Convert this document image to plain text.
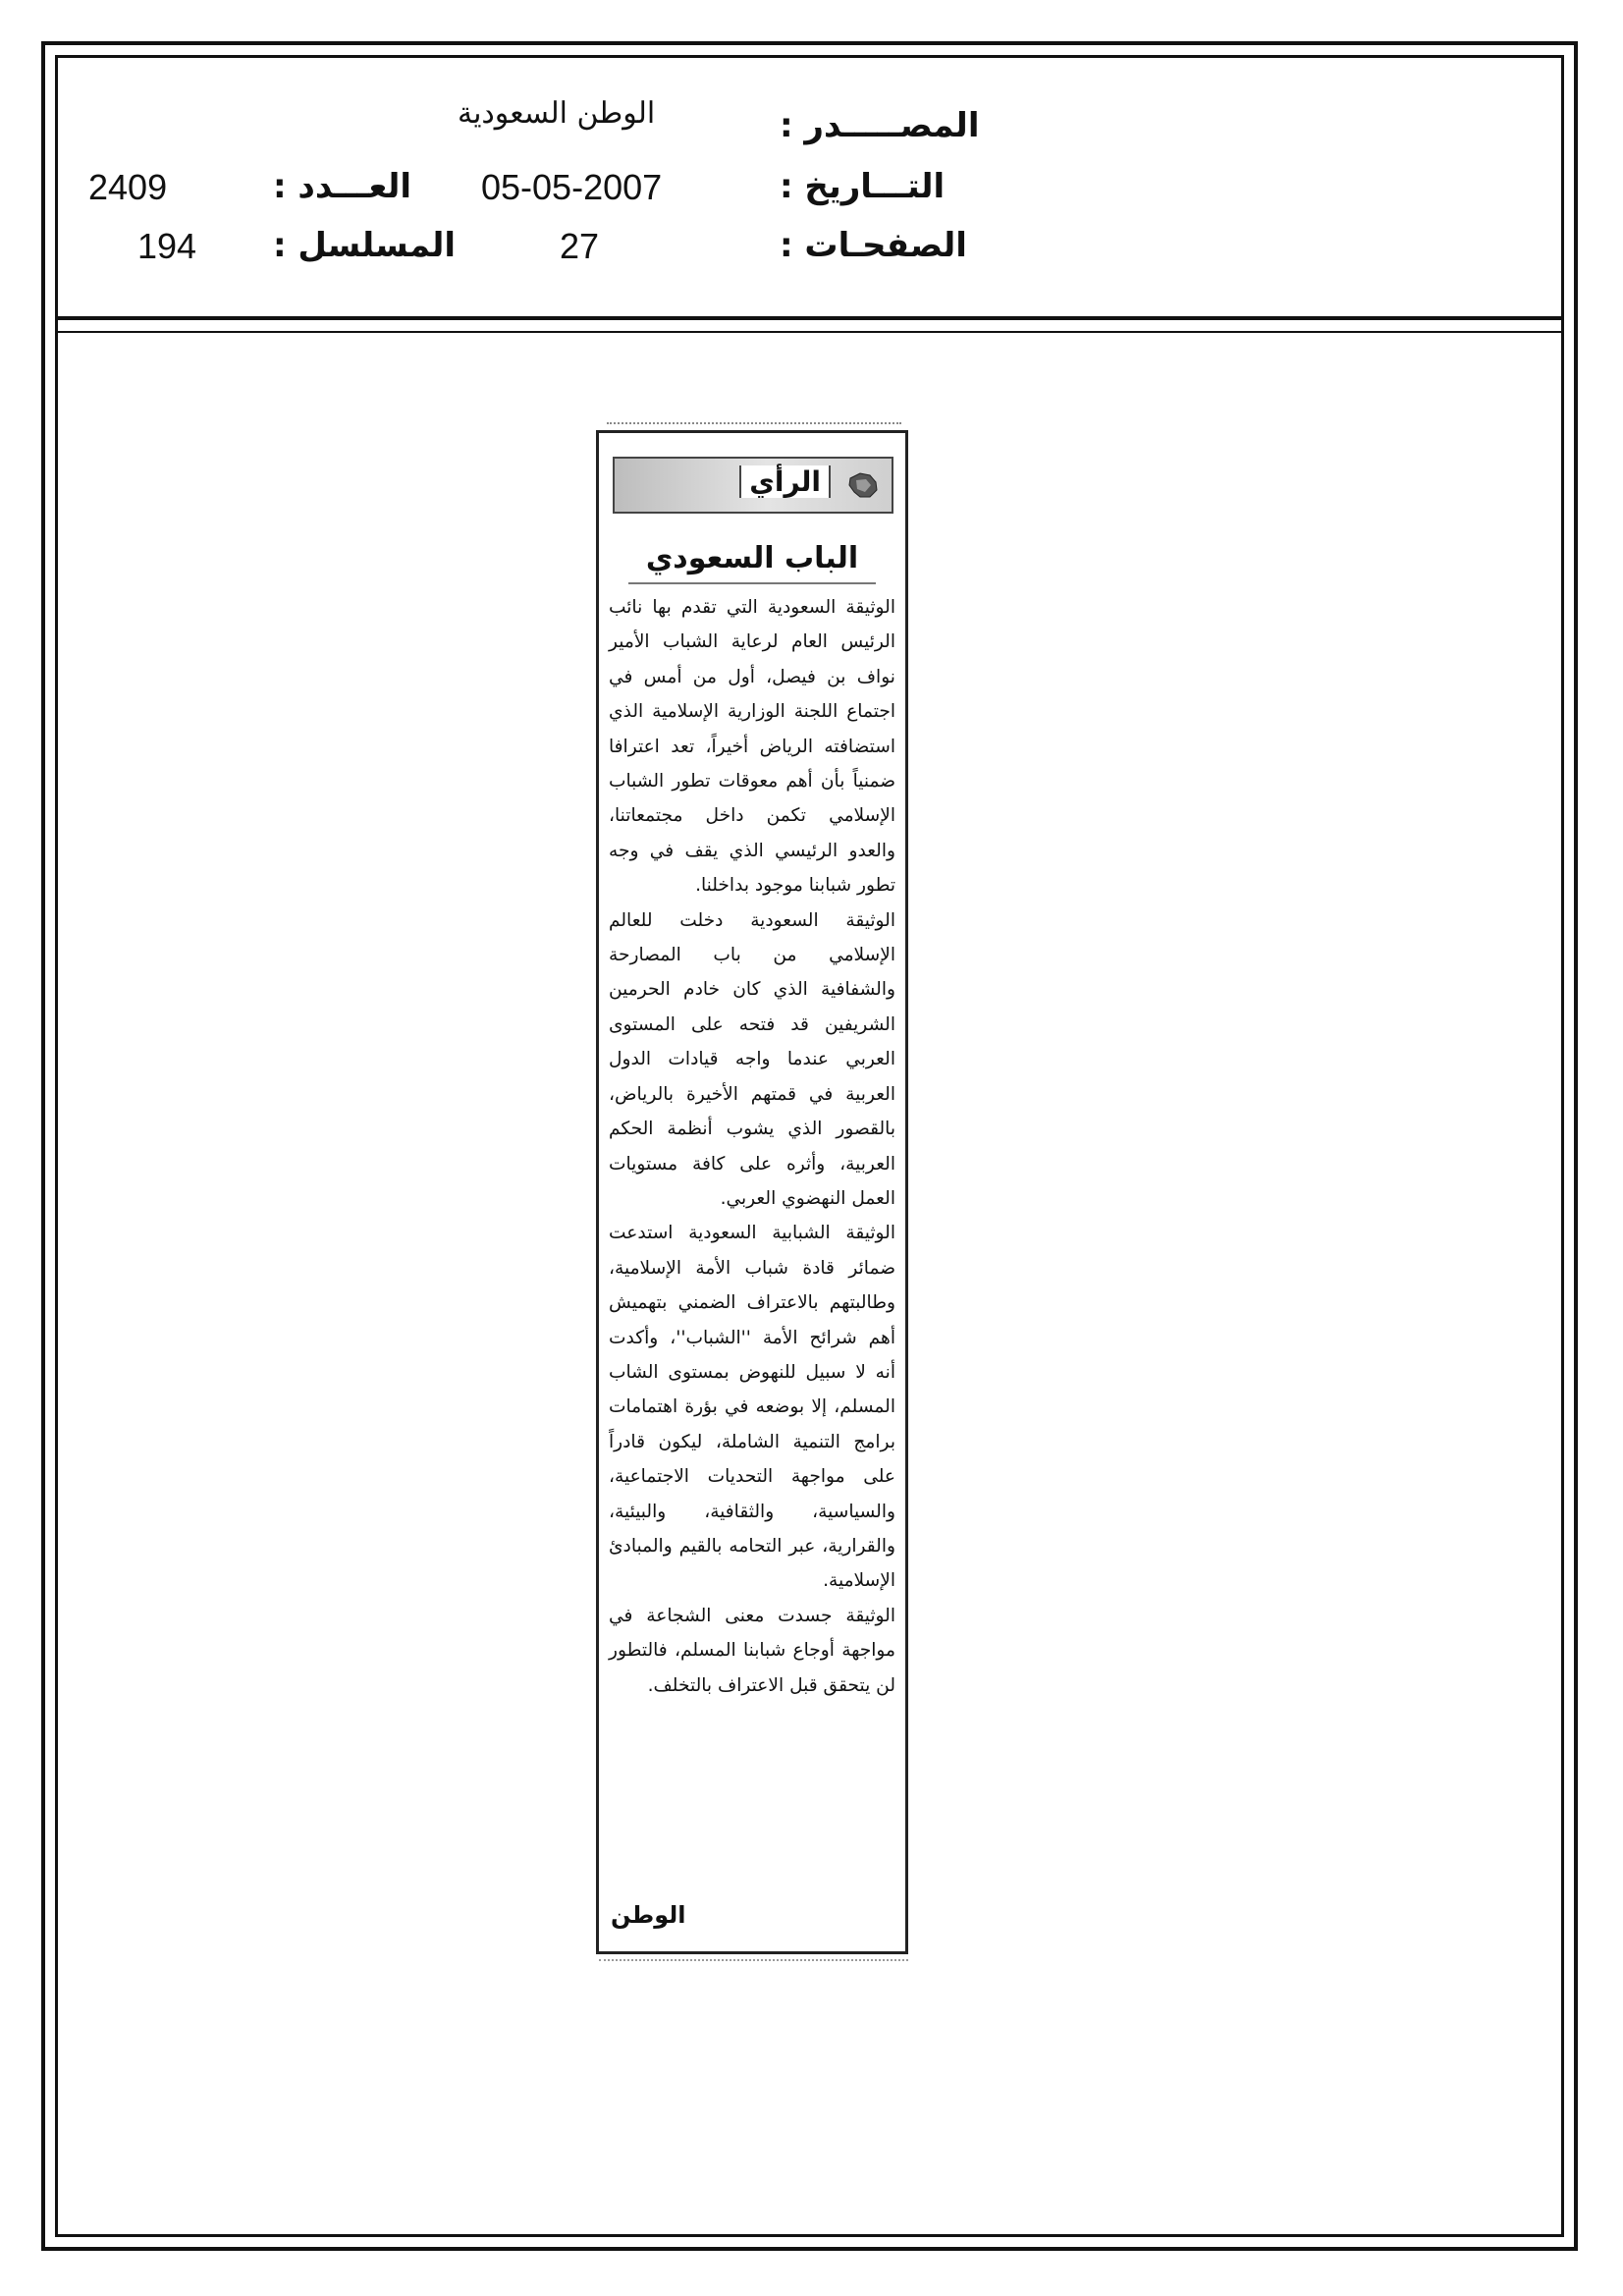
المصـــــدر :
التـــاريخ :
الصفحـات :
الوطن السعودية
05-05-2007
27
العـــدد :
المسلسل :
2409
194
الرأي
الباب السعودي

الوثيقة السعودية التي تقدم بها نائب الرئيس العام لرعاية الشباب الأمير نواف بن فيصل، أول من أمس في اجتماع اللجنة الوزارية الإسلامية الذي استضافته الرياض أخيراً، تعد اعترافا ضمنياً بأن أهم معوقات تطور الشباب الإسلامي تكمن داخل مجتمعاتنا، والعدو الرئيسي الذي يقف في وجه تطور شبابنا موجود بداخلنا.

الوثيقة السعودية دخلت للعالم الإسلامي من باب المصارحة والشفافية الذي كان خادم الحرمين الشريفين قد فتحه على المستوى العربي عندما واجه قيادات الدول العربية في قمتهم الأخيرة بالرياض، بالقصور الذي يشوب أنظمة الحكم العربية، وأثره على كافة مستويات العمل النهضوي العربي.

الوثيقة الشبابية السعودية استدعت ضمائر قادة شباب الأمة الإسلامية، وطالبتهم بالاعتراف الضمني بتهميش أهم شرائح الأمة ''الشباب''، وأكدت أنه لا سبيل للنهوض بمستوى الشاب المسلم، إلا بوضعه في بؤرة اهتمامات برامج التنمية الشاملة، ليكون قادراً على مواجهة التحديات الاجتماعية، والسياسية، والثقافية، والبيئية، والقرارية، عبر التحامه بالقيم والمبادئ الإسلامية.

الوثيقة جسدت معنى الشجاعة في مواجهة أوجاع شبابنا المسلم، فالتطور لن يتحقق قبل الاعتراف بالتخلف.

الوطن
